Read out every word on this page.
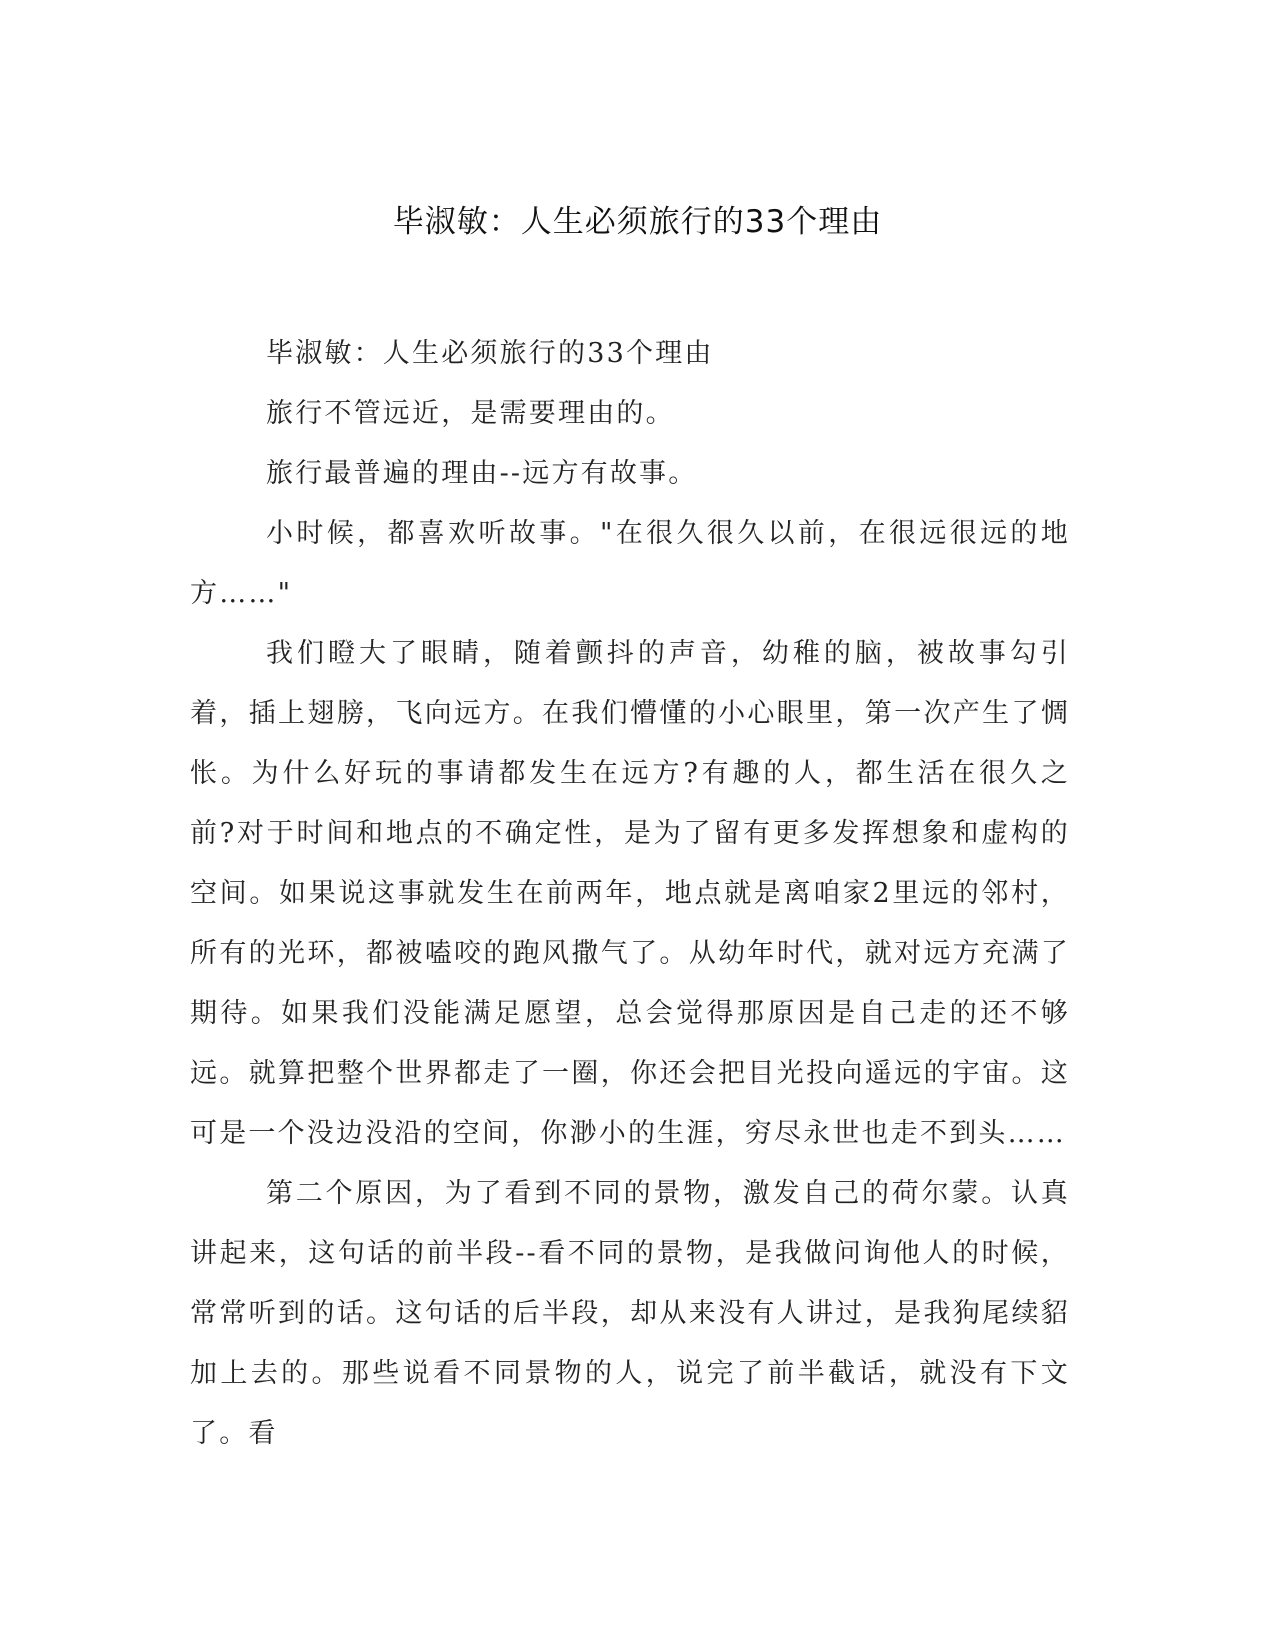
毕淑敏：人生必须旅行的33个理由

毕淑敏：人生必须旅行的33个理由

旅行不管远近，是需要理由的。

旅行最普遍的理由--远方有故事。

小时候，都喜欢听故事。"在很久很久以前，在很远很远的地方……"

我们瞪大了眼睛，随着颤抖的声音，幼稚的脑，被故事勾引着，插上翅膀，飞向远方。在我们懵懂的小心眼里，第一次产生了惆怅。为什么好玩的事请都发生在远方?有趣的人，都生活在很久之前?对于时间和地点的不确定性，是为了留有更多发挥想象和虚构的空间。如果说这事就发生在前两年，地点就是离咱家2里远的邻村，所有的光环，都被嗑咬的跑风撒气了。从幼年时代，就对远方充满了期待。如果我们没能满足愿望，总会觉得那原因是自己走的还不够远。就算把整个世界都走了一圈，你还会把目光投向遥远的宇宙。这可是一个没边没沿的空间，你渺小的生涯，穷尽永世也走不到头……

第二个原因，为了看到不同的景物，激发自己的荷尔蒙。认真讲起来，这句话的前半段--看不同的景物，是我做问询他人的时候，常常听到的话。这句话的后半段，却从来没有人讲过，是我狗尾续貂加上去的。那些说看不同景物的人，说完了前半截话，就没有下文了。看
